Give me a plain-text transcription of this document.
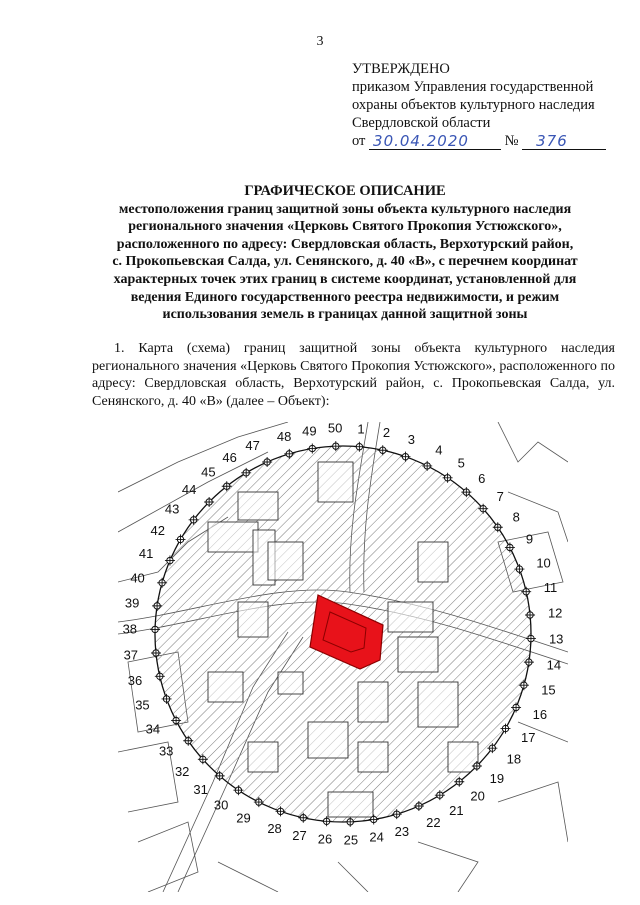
3
УТВЕРЖДЕНО
приказом Управления государственной
охраны объектов культурного наследия
Свердловской области
от 30.04.2020 № 376
ГРАФИЧЕСКОЕ ОПИСАНИЕ
местоположения границ защитной зоны объекта культурного наследия
регионального значения «Церковь Святого Прокопия Устюжского»,
расположенного по адресу: Свердловская область, Верхотурский район,
с. Прокопьевская Салда, ул. Сенянского, д. 40 «В», с перечнем координат
характерных точек этих границ в системе координат, установленной для
ведения Единого государственного реестра недвижимости, и режим
использования земель в границах данной защитной зоны
1. Карта (схема) границ защитной зоны объекта культурного наследия регионального значения «Церковь Святого Прокопия Устюжского», расположенного по адресу: Свердловская область, Верхотурский район, с. Прокопьевская Салда, ул. Сенянского, д. 40 «В» (далее – Объект):
1 2 3
4
5
6
7
8
9
10
11
12
13
14
15
16
17
18
19
20
21
22
23
24
25
26
27
28
29
30
31
32
33
34
35
36
37
38
39
40
41
42
43
44
45
46
47
48 49 50
